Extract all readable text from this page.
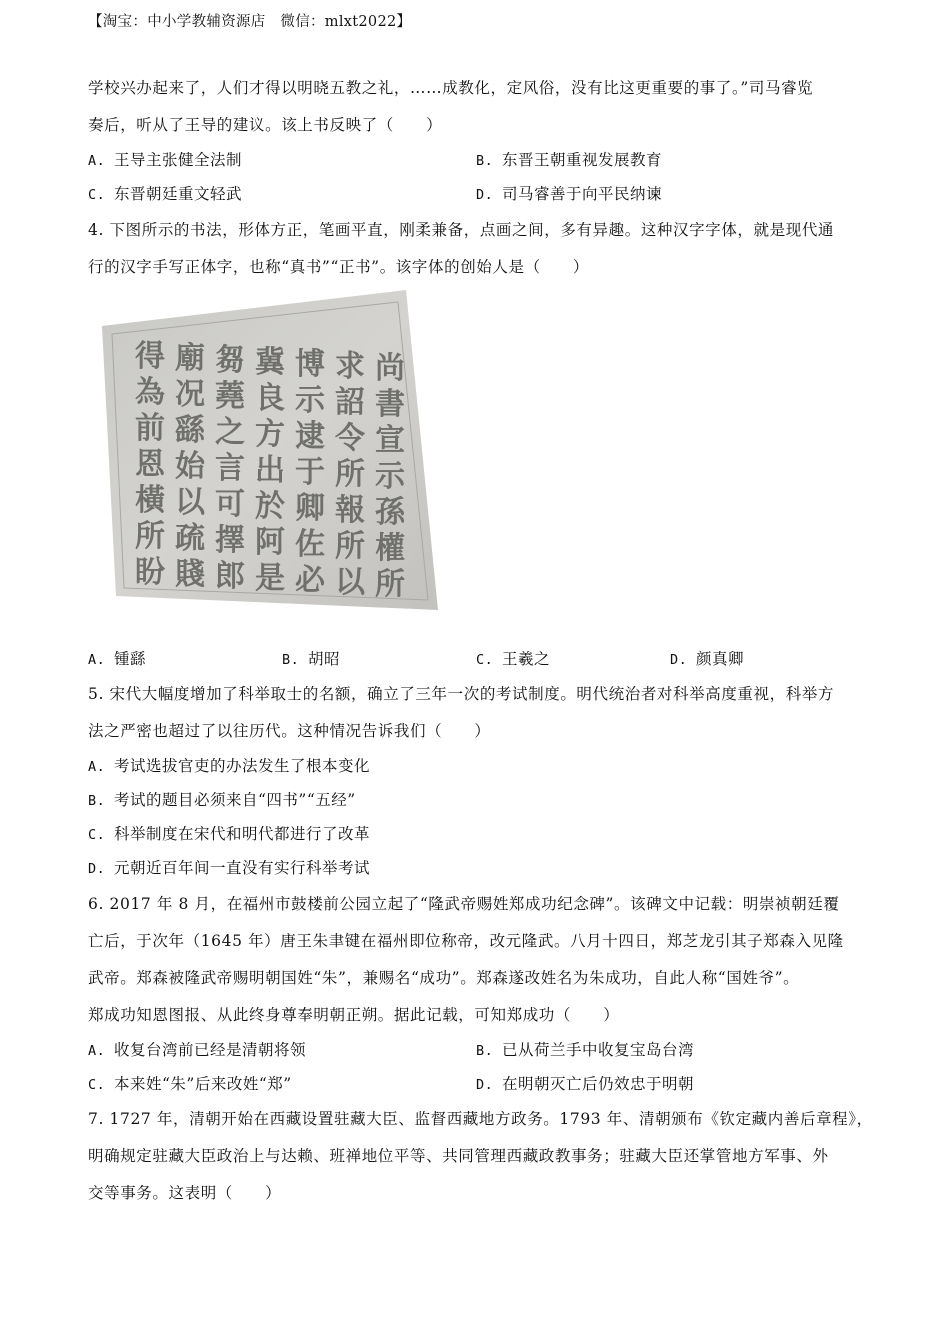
【淘宝：中小学教辅资源店　微信：mlxt2022】
学校兴办起来了，人们才得以明晓五教之礼，……成教化，定风俗，没有比这更重要的事了。”司马睿览
奏后，听从了王导的建议。该上书反映了（　　）
A. 王导主张健全法制	B. 东晋王朝重视发展教育
C. 东晋朝廷重文轻武	D. 司马睿善于向平民纳谏
4. 下图所示的书法，形体方正，笔画平直，刚柔兼备，点画之间，多有异趣。这种汉字字体，就是现代通
行的汉字手写正体字，也称“真书”“正书”。该字体的创始人是（　　）
尚
書
宣
示
孫
權
所
求
詔
令
所
報
所
以
博
示
逮
于
卿
佐
必
冀
良
方
出
於
阿
是
芻
蕘
之
言
可
擇
郎
廟
况
繇
始
以
疏
賤
得
為
前
恩
橫
所
盼
A. 锺繇	B. 胡昭	C. 王羲之	D. 颜真卿
5. 宋代大幅度增加了科举取士的名额，确立了三年一次的考试制度。明代统治者对科举高度重视，科举方
法之严密也超过了以往历代。这种情况告诉我们（　　）
A. 考试选拔官吏的办法发生了根本变化
B. 考试的题目必须来自“四书”“五经”
C. 科举制度在宋代和明代都进行了改革
D. 元朝近百年间一直没有实行科举考试
6. 2017 年 8 月，在福州市鼓楼前公园立起了“隆武帝赐姓郑成功纪念碑”。该碑文中记载：明崇祯朝廷覆
亡后，于次年（1645 年）唐王朱聿键在福州即位称帝，改元隆武。八月十四日，郑芝龙引其子郑森入见隆
武帝。郑森被隆武帝赐明朝国姓“朱”，兼赐名“成功”。郑森遂改姓名为朱成功，自此人称“国姓爷”。
郑成功知恩图报、从此终身尊奉明朝正朔。据此记载，可知郑成功（　　）
A. 收复台湾前已经是清朝将领	B. 已从荷兰手中收复宝岛台湾
C. 本来姓“朱”后来改姓“郑”	D. 在明朝灭亡后仍效忠于明朝
7. 1727 年，清朝开始在西藏设置驻藏大臣、监督西藏地方政务。1793 年、清朝颁布《钦定藏内善后章程》，
明确规定驻藏大臣政治上与达赖、班禅地位平等、共同管理西藏政教事务；驻藏大臣还掌管地方军事、外
交等事务。这表明（　　）
